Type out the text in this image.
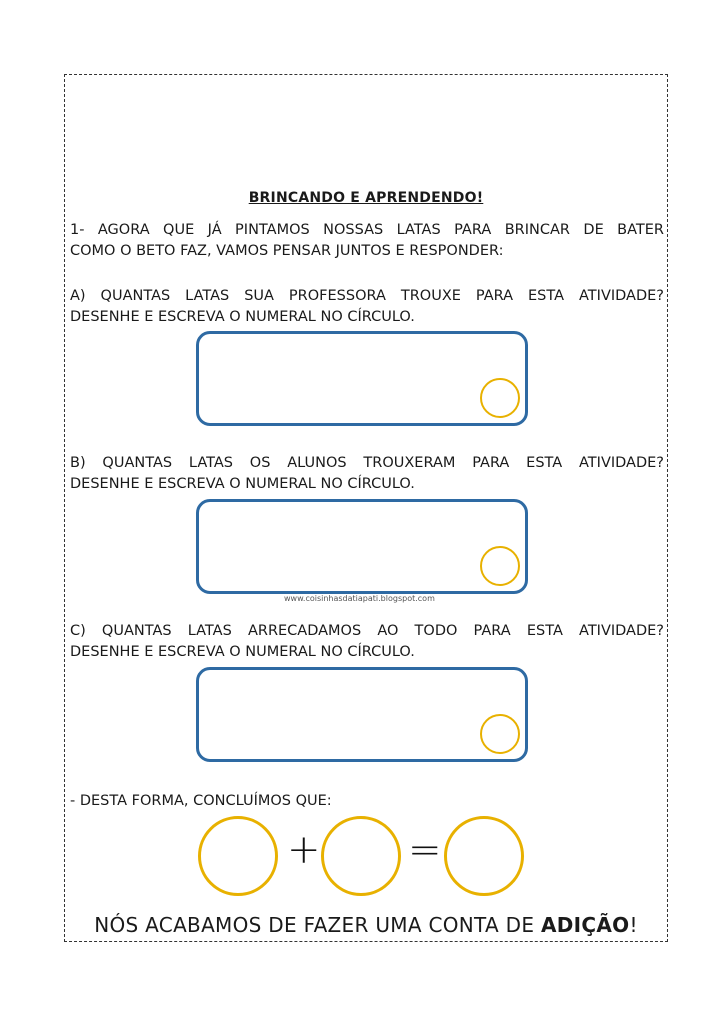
BRINCANDO E APRENDENDO!
1- AGORA QUE JÁ PINTAMOS NOSSAS LATAS PARA BRINCAR DE BATER
COMO O BETO FAZ, VAMOS PENSAR JUNTOS E RESPONDER:
A) QUANTAS LATAS SUA PROFESSORA TROUXE PARA ESTA ATIVIDADE?
DESENHE E ESCREVA O NUMERAL NO CÍRCULO.
B) QUANTAS LATAS OS ALUNOS TROUXERAM PARA ESTA ATIVIDADE?
DESENHE E ESCREVA O NUMERAL NO CÍRCULO.
www.coisinhasdatiapati.blogspot.com
C) QUANTAS LATAS ARRECADAMOS AO TODO PARA ESTA ATIVIDADE?
DESENHE E ESCREVA O NUMERAL NO CÍRCULO.
- DESTA FORMA, CONCLUÍMOS QUE:
+ =
NÓS ACABAMOS DE FAZER UMA CONTA DE ADIÇÃO!
